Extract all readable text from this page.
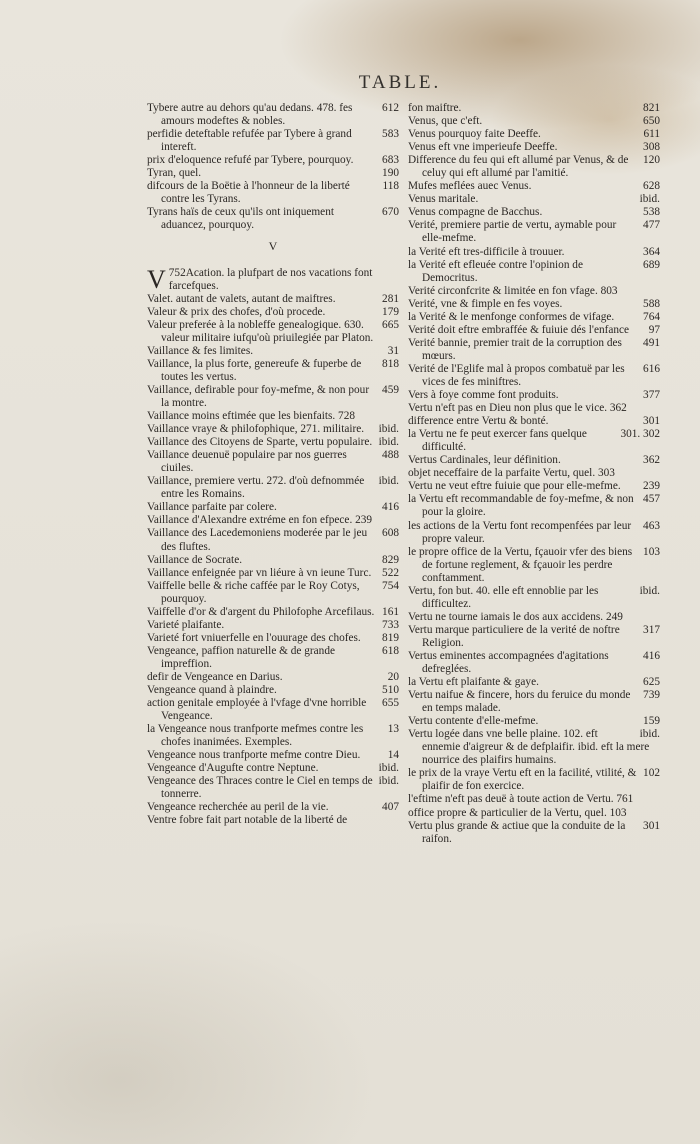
TABLE.

612
Tybere autre au dehors qu'au dedans. 478. fes amours modeftes & nobles.

583
perfidie deteftable refufée par Tybere à grand intereft.

683
prix d'eloquence refufé par Tybere, pourquoy.

190
Tyran, quel.

118
difcours de la Boëtie à l'honneur de la liberté contre les Tyrans.

670
Tyrans haïs de ceux qu'ils ont iniquement aduancez, pourquoy.

V

V 752Acation. la plufpart de nos vacations font farcefques.

281
Valet. autant de valets, autant de maiftres.

179
Valeur & prix des chofes, d'où procede.

665
Valeur preferée à la nobleffe genealogique. 630. valeur militaire iufqu'où priuilegiée par Platon.

31
Vaillance & fes limites.

818
Vaillance, la plus forte, genereufe & fuperbe de toutes les vertus.

459
Vaillance, defirable pour foy-mefme, & non pour la montre.

Vaillance moins eftimée que les bienfaits. 728

ibid.
Vaillance vraye & philofophique, 271. militaire.

ibid.
Vaillance des Citoyens de Sparte, vertu populaire.

488
Vaillance deuenuë populaire par nos guerres ciuiles.

ibid.
Vaillance, premiere vertu. 272. d'où defnommée entre les Romains.

416
Vaillance parfaite par colere.

Vaillance d'Alexandre extréme en fon efpece. 239

608
Vaillance des Lacedemoniens moderée par le jeu des fluftes.

829
Vaillance de Socrate.

522
Vaillance enfeignée par vn liéure à vn ieune Turc.

754
Vaiffelle belle & riche caffée par le Roy Cotys, pourquoy.

161
Vaiffelle d'or & d'argent du Philofophe Arcefilaus.

733
Varieté plaifante.

819
Varieté fort vniuerfelle en l'ouurage des chofes.

618
Vengeance, paffion naturelle & de grande impreffion.

20
defir de Vengeance en Darius.

510
Vengeance quand à plaindre.

655
action genitale employée à l'vfage d'vne horrible Vengeance.

13
la Vengeance nous tranfporte mefmes contre les chofes inanimées. Exemples.

14
Vengeance nous tranfporte mefme contre Dieu.

ibid.
Vengeance d'Augufte contre Neptune.

ibid.
Vengeance des Thraces contre le Ciel en temps de tonnerre.

407
Vengeance recherchée au peril de la vie.

Ventre fobre fait part notable de la liberté de

821
fon maiftre.

650
Venus, que c'eft.

611
Venus pourquoy faite Deeffe.

308
Venus eft vne imperieufe Deeffe.

120
Difference du feu qui eft allumé par Venus, & de celuy qui eft allumé par l'amitié.

628
Mufes meflées auec Venus.

ibid.
Venus maritale.

538
Venus compagne de Bacchus.

477
Verité, premiere partie de vertu, aymable pour elle-mefme.

364
la Verité eft tres-difficile à trouuer.

689
la Verité eft efleuée contre l'opinion de Democritus.

Verité circonfcrite & limitée en fon vfage. 803

588
Verité, vne & fimple en fes voyes.

764
la Verité & le menfonge conformes de vifage.

97
Verité doit eftre embraffée & fuiuie dés l'enfance

491
Verité bannie, premier trait de la corruption des mœurs.

616
Verité de l'Eglife mal à propos combatuë par les vices de fes miniftres.

377
Vers à foye comme font produits.

Vertu n'eft pas en Dieu non plus que le vice. 362

301
difference entre Vertu & bonté.

301. 302
la Vertu ne fe peut exercer fans quelque difficulté.

362
Vertus Cardinales, leur définition.

objet neceffaire de la parfaite Vertu, quel. 303

239
Vertu ne veut eftre fuiuie que pour elle-mefme.

457
la Vertu eft recommandable de foy-mefme, & non pour la gloire.

463
les actions de la Vertu font recompenfées par leur propre valeur.

103
le propre office de la Vertu, fçauoir vfer des biens de fortune reglement, & fçauoir les perdre conftamment.

ibid.
Vertu, fon but. 40. elle eft ennoblie par les difficultez.

Vertu ne tourne iamais le dos aux accidens. 249

317
Vertu marque particuliere de la verité de noftre Religion.

416
Vertus eminentes accompagnées d'agitations defreglées.

625
la Vertu eft plaifante & gaye.

739
Vertu naifue & fincere, hors du feruice du monde en temps malade.

159
Vertu contente d'elle-mefme.

ibid.
Vertu logée dans vne belle plaine. 102. eft ennemie d'aigreur & de defplaifir. ibid. eft la mere nourrice des plaifirs humains.

102
le prix de la vraye Vertu eft en la facilité, vtilité, & plaifir de fon exercice.

l'eftime n'eft pas deuë à toute action de Vertu. 761

office propre & particulier de la Vertu, quel. 103

301
Vertu plus grande & actiue que la conduite de la raifon.
